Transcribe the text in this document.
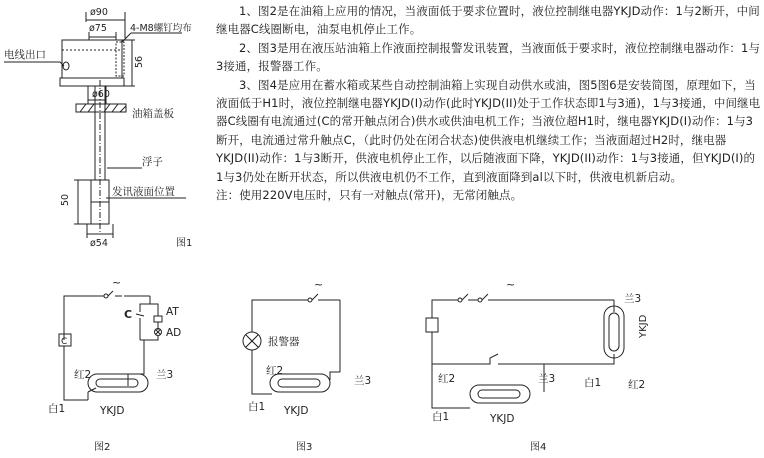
ø90
ø75 4-M8螺钉均布
电线出口
56
ø60
油箱盖板
浮子
发讯液面位置
50
ø54	图1

1、图2是在油箱上应用的情况，当液面低于要求位置时，液位控制继电器YKJD动作：1与2断开，中间继电器C线圈断电，油泵电机停止工作。

2、图3是用在液压站油箱上作液面控制报警发讯装置，当液面低于要求时，液位控制继电器动作：1与3接通，报警器工作。

3、图4是应用在蓄水箱或某些自动控制油箱上实现自动供水或油，图5图6是安装简图，原理如下，当液面低于H1时，液位控制继电器YKJD(I)动作(此时YKJD(II)处于工作状态即1与3通)，1与3接通，中间继电器C线圈有电流通过(C的常开触点闭合)供水或供油电机工作；当液位超H1时，继电器YKJD(I)动作：1与3断开，电流通过常升触点C，（此时仍处在闭合状态)使供液电机继续工作；当液面超过H2时，继电器YKJD(II)动作：1与3断开，供液电机停止工作，以后随液面下降，YKJD(II)动作：1与3接通，但YKJD(I)的1与3仍处在断开状态，所以供液电机仍不工作，直到液面降到al以下时，供液电机新启动。

注：使用220V电压时，只有一对触点(常开)，无常闭触点。

~
C
C	AT
AD
红2	兰3
白1	YKJD
图2
~
报警器
红2
兰3
白1 YKJD
图3
~
兰3
YKJD
白1	红2
红2	兰3
白1	YKJD
图4
